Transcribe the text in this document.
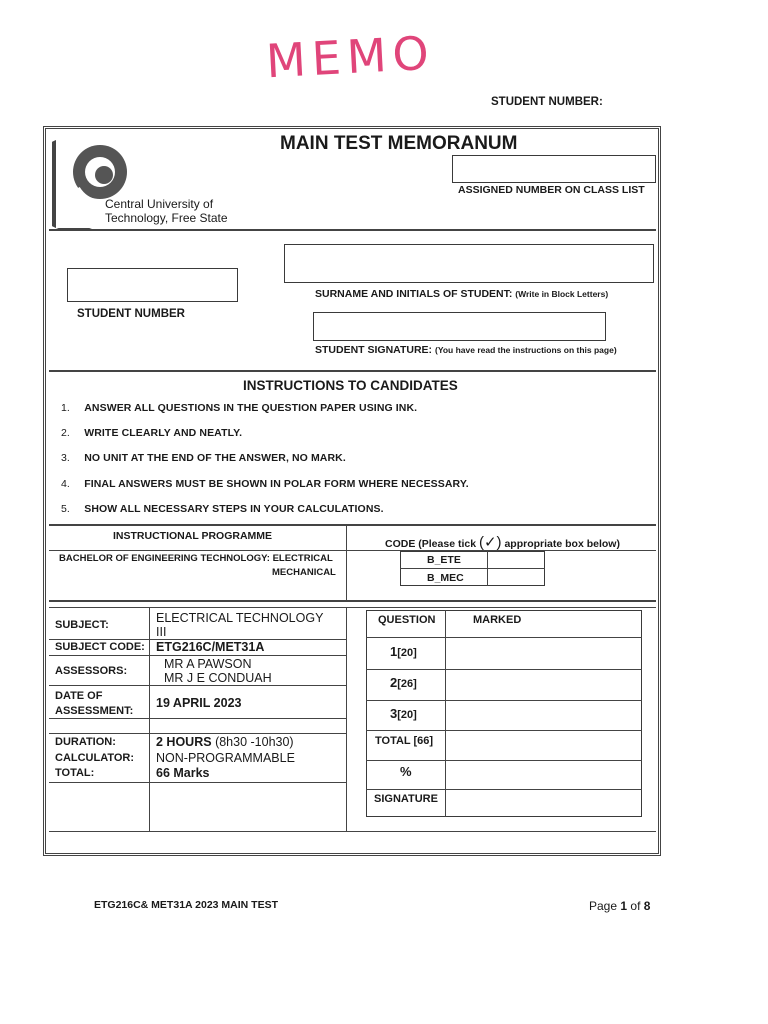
MEMO
STUDENT NUMBER:
Central University of
Technology, Free State
MAIN TEST MEMORANUM
ASSIGNED NUMBER ON CLASS LIST
SURNAME AND INITIALS OF STUDENT: (Write in Block Letters)
STUDENT NUMBER
STUDENT SIGNATURE: (You have read the instructions on this page)
INSTRUCTIONS TO CANDIDATES
1. ANSWER ALL QUESTIONS IN THE QUESTION PAPER USING INK.
2. WRITE CLEARLY AND NEATLY.
3. NO UNIT AT THE END OF THE ANSWER, NO MARK.
4. FINAL ANSWERS MUST BE SHOWN IN POLAR FORM WHERE NECESSARY.
5. SHOW ALL NECESSARY STEPS IN YOUR CALCULATIONS.
INSTRUCTIONAL PROGRAMME
BACHELOR OF ENGINEERING TECHNOLOGY: ELECTRICAL
MECHANICAL
CODE (Please tick (✓) appropriate box below)
B_ETE
B_MEC
SUBJECT:	ELECTRICAL TECHNOLOGY
III
SUBJECT CODE: ETG216C/MET31A
ASSESSORS:	MR A PAWSON
MR J E CONDUAH
DATE OF
ASSESSMENT:
19 APRIL 2023
DURATION:	2 HOURS (8h30 -10h30)
CALCULATOR: NON-PROGRAMMABLE
TOTAL:	66 Marks
QUESTION	MARKED
1[20]
2[26]
3[20]
TOTAL [66]
%
SIGNATURE
ETG216C& MET31A 2023 MAIN TEST	Page 1 of 8
